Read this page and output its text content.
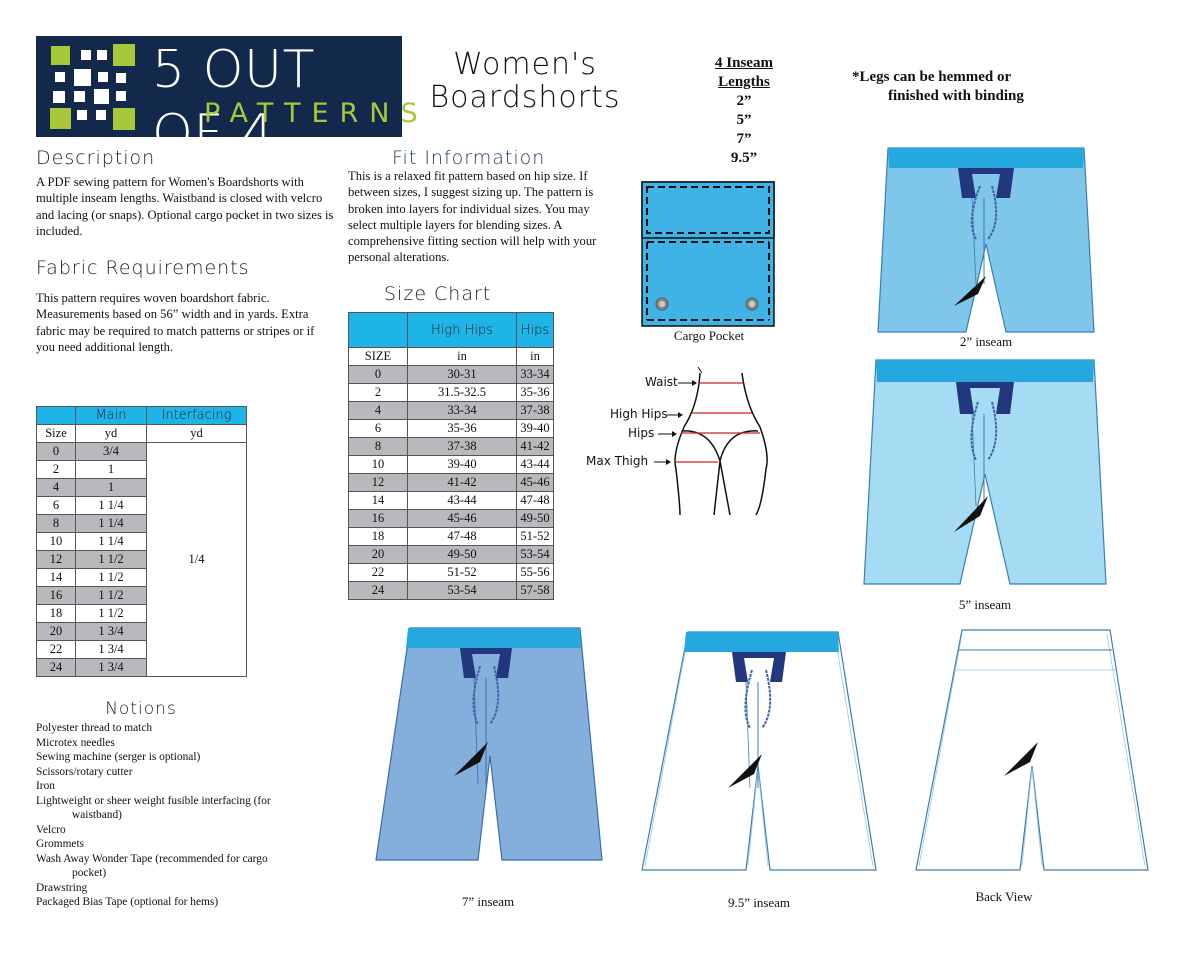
5 OUT OF 4
PATTERNS
Women's
Boardshorts
4 Inseam
Lengths
2”
5”
7”
9.5”
*Legs can be hemmed or
finished with binding
Description
A PDF sewing pattern for Women's Boardshorts with multiple inseam lengths. Waistband is closed with velcro and lacing (or snaps). Optional cargo pocket in two sizes is included.
Fabric Requirements
This pattern requires woven boardshort fabric. Measurements based on 56” width and in yards. Extra fabric may be required to match patterns or stripes or if you need additional length.
Fit Information
This is a relaxed fit pattern based on hip size. If between sizes, I suggest sizing up. The pattern is broken into layers for individual sizes. You may select multiple layers for blending sizes. A comprehensive fitting section will help with your personal alterations.
	Main	Interfacing
Size	yd	yd
0	3/4	1/4
2	1	
4	1	
6	1 1/4	
8	1 1/4	
10	1 1/4	
12	1 1/2	
14	1 1/2	
16	1 1/2	
18	1 1/2	
20	1 3/4	
22	1 3/4	
24	1 3/4	
Size Chart
	High Hips	Hips
SIZE	in	in
0	30-31	33-34
2	31.5-32.5	35-36
4	33-34	37-38
6	35-36	39-40
8	37-38	41-42
10	39-40	43-44
12	41-42	45-46
14	43-44	47-48
16	45-46	49-50
18	47-48	51-52
20	49-50	53-54
22	51-52	55-56
24	53-54	57-58
Notions
Polyester thread to match
Microtex needles
Sewing machine (serger is optional)
Scissors/rotary cutter
Iron
Lightweight or sheer weight fusible interfacing (for
waistband)
Velcro
Grommets
Wash Away Wonder Tape (recommended for cargo
pocket)
Drawstring
Packaged Bias Tape (optional for hems)
Cargo Pocket
Waist
High Hips
Hips
Max Thigh
2” inseam
5” inseam
7” inseam	9.5” inseam	Back View
